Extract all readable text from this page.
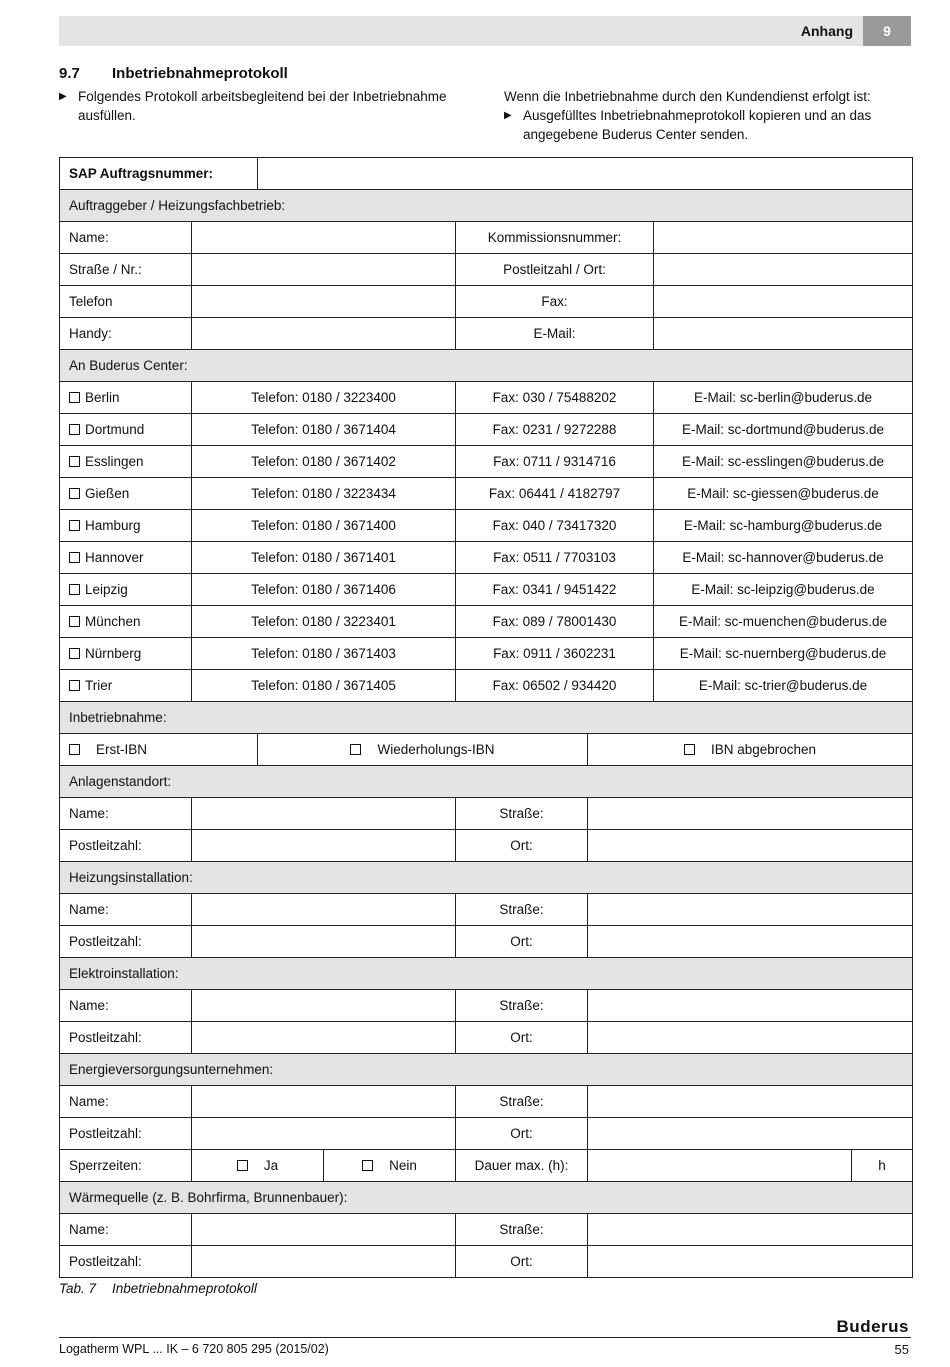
Anhang	9
9.7 Inbetriebnahmeprotokoll
▶ Folgendes Protokoll arbeitsbegleitend bei der Inbetriebnahme
ausfüllen.
Wenn die Inbetriebnahme durch den Kundendienst erfolgt ist:
▶ Ausgefülltes Inbetriebnahmeprotokoll kopieren und an das
angegebene Buderus Center senden.
SAP Auftragsnummer:							
Auftraggeber / Heizungsfachbetrieb:							
Name:				Kommissionsnummer:			
Straße / Nr.:				Postleitzahl / Ort:			
Telefon				Fax:			
Handy:				E-Mail:			
An Buderus Center:							
Berlin	Telefon: 0180 / 3223400			Fax: 030 / 75488202		E-Mail: sc-berlin@buderus.de	
Dortmund	Telefon: 0180 / 3671404			Fax: 0231 / 9272288		E-Mail: sc-dortmund@buderus.de	
Esslingen	Telefon: 0180 / 3671402			Fax: 0711 / 9314716		E-Mail: sc-esslingen@buderus.de	
Gießen	Telefon: 0180 / 3223434			Fax: 06441 / 4182797		E-Mail: sc-giessen@buderus.de	
Hamburg	Telefon: 0180 / 3671400			Fax: 040 / 73417320		E-Mail: sc-hamburg@buderus.de	
Hannover	Telefon: 0180 / 3671401			Fax: 0511 / 7703103		E-Mail: sc-hannover@buderus.de	
Leipzig	Telefon: 0180 / 3671406			Fax: 0341 / 9451422		E-Mail: sc-leipzig@buderus.de	
München	Telefon: 0180 / 3223401			Fax: 089 / 78001430		E-Mail: sc-muenchen@buderus.de	
Nürnberg	Telefon: 0180 / 3671403			Fax: 0911 / 3602231		E-Mail: sc-nuernberg@buderus.de	
Trier	Telefon: 0180 / 3671405			Fax: 06502 / 934420		E-Mail: sc-trier@buderus.de	
Inbetriebnahme:							
Erst-IBN		Wiederholungs-IBN			IBN abgebrochen		
Anlagenstandort:							
Name:				Straße:			
Postleitzahl:				Ort:			
Heizungsinstallation:							
Name:				Straße:			
Postleitzahl:				Ort:			
Elektroinstallation:							
Name:				Straße:			
Postleitzahl:				Ort:			
Energieversorgungsunternehmen:							
Name:				Straße:			
Postleitzahl:				Ort:			
Sperrzeiten:	Ja		Nein	Dauer max. (h):			h
Wärmequelle (z. B. Bohrfirma, Brunnenbauer):							
Name:				Straße:			
Postleitzahl:				Ort:			
Tab. 7 Inbetriebnahmeprotokoll
Buderus
Logatherm WPL ... IK – 6 720 805 295 (2015/02)	55
